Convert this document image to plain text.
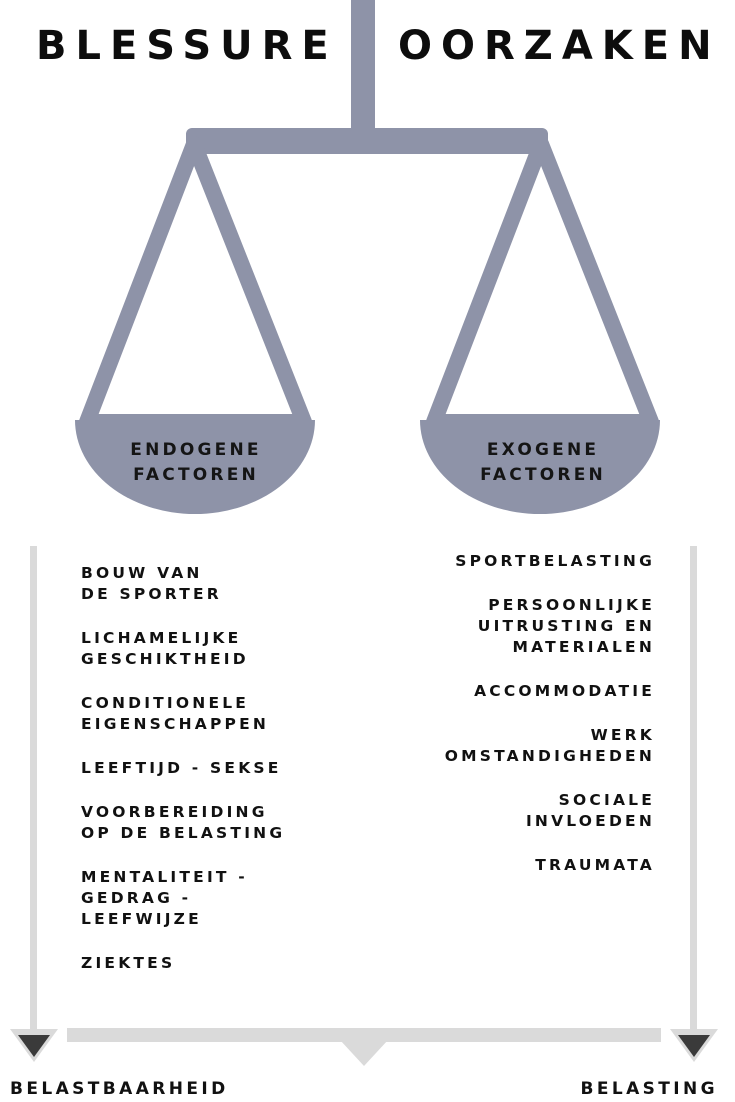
BLESSURE OORZAKEN
ENDOGENE
FACTOREN
EXOGENE
FACTOREN
BOUW VAN
DE SPORTER
LICHAMELIJKE
GESCHIKTHEID
CONDITIONELE
EIGENSCHAPPEN
LEEFTIJD - SEKSE
VOORBEREIDING
OP DE BELASTING
MENTALITEIT -
GEDRAG -
LEEFWIJZE
ZIEKTES
SPORTBELASTING
PERSOONLIJKE
UITRUSTING EN
MATERIALEN
ACCOMMODATIE
WERK
OMSTANDIGHEDEN
SOCIALE
INVLOEDEN
TRAUMATA

BELASTBAARHEID	BELASTING
